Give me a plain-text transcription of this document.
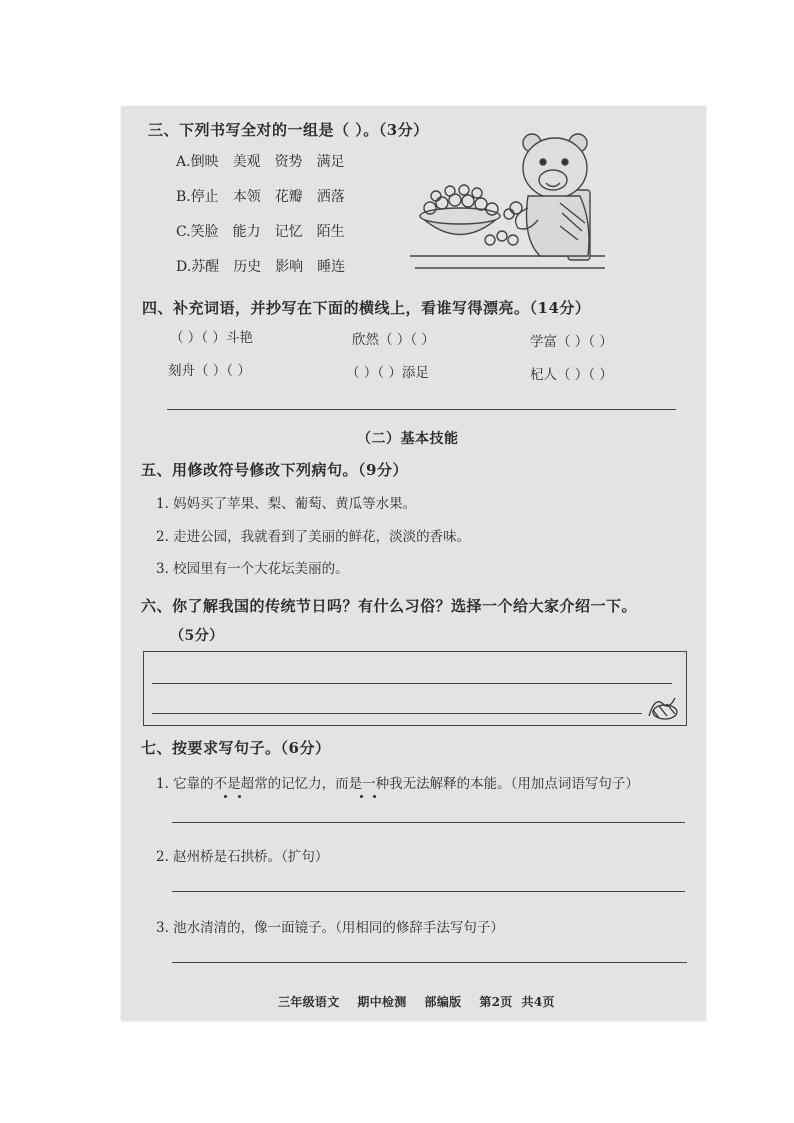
三、下列书写全对的一组是（ ）。（3分）
A.倒映 美观 资势 满足
B.停止 本领 花瓣 洒落
C.笑脸 能力 记忆 陌生
D.苏醒 历史 影响 睡连
四、补充词语，并抄写在下面的横线上，看谁写得漂亮。（14分）
（ ）（ ）斗艳	欣然（ ）（ ）	学富（ ）（ ）
刻舟（ ）（ ）	（ ）（ ）添足	杞人（ ）（ ）
（二）基本技能
五、用修改符号修改下列病句。（9分）
1. 妈妈买了苹果、梨、葡萄、黄瓜等水果。
2. 走进公园，我就看到了美丽的鲜花，淡淡的香味。
3. 校园里有一个大花坛美丽的。
六、你了解我国的传统节日吗？有什么习俗？选择一个给大家介绍一下。
（5分）
七、按要求写句子。（6分）
1. 它靠的不是超常的记忆力，而是一种我无法解释的本能。（用加点词语写句子）
2. 赵州桥是石拱桥。（扩句）
3. 池水清清的，像一面镜子。（用相同的修辞手法写句子）
三年级语文    期中检测    部编版    第2页  共4页
